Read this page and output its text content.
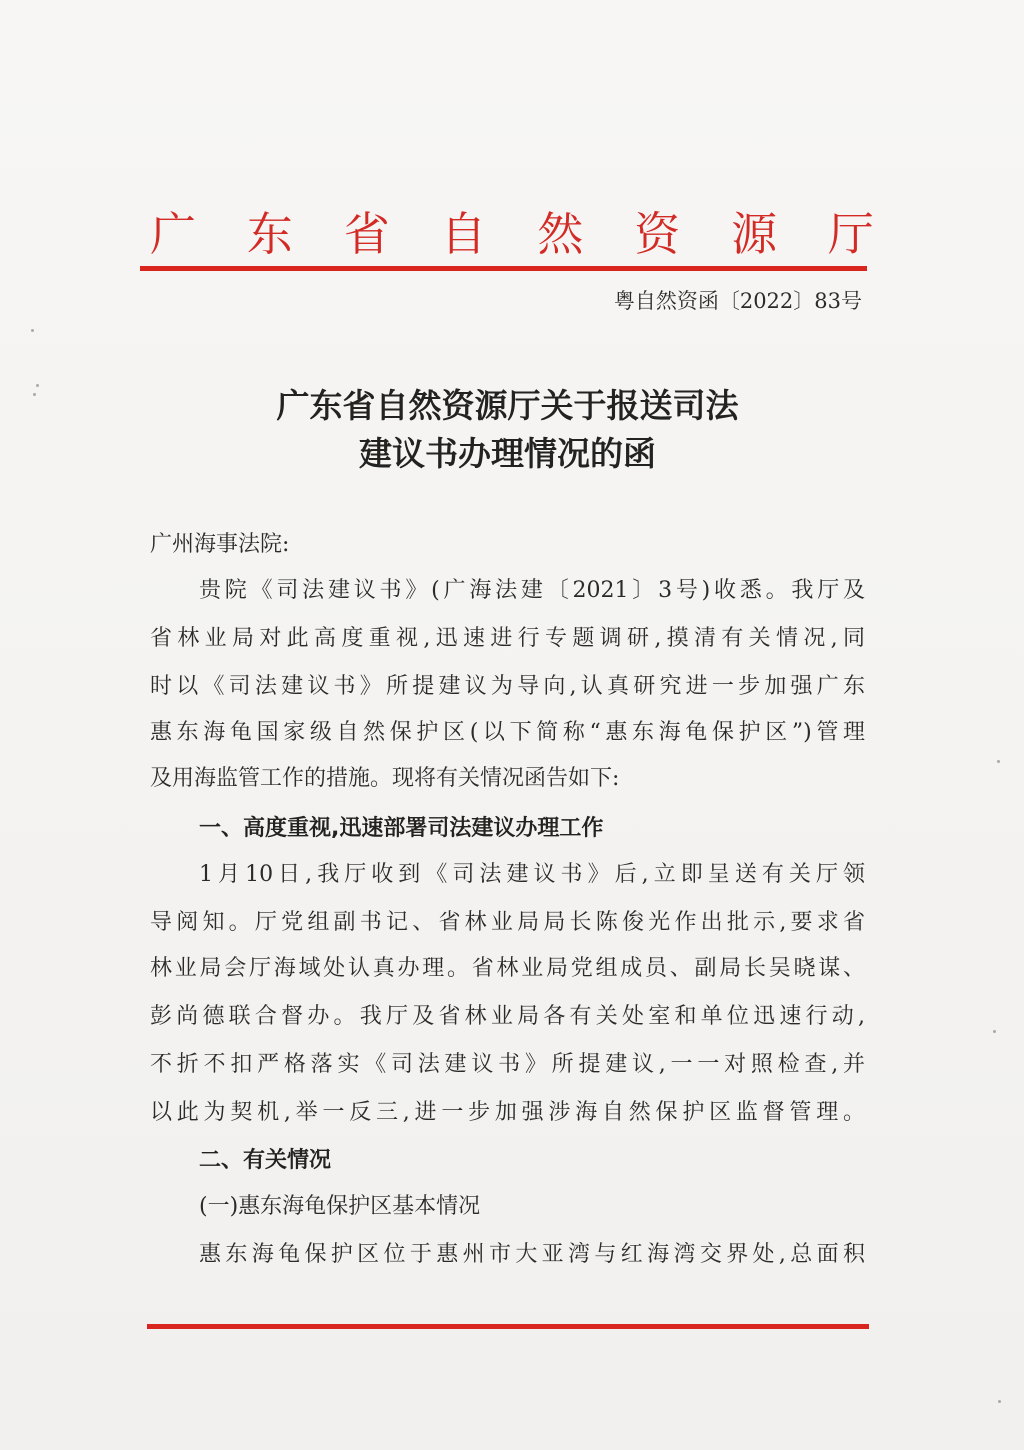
广 东 省 自 然 资 源 厅
粤自然资函〔2022〕83号
广东省自然资源厅关于报送司法
建议书办理情况的函
广州海事法院:
贵院《司法建议书》(广海法建〔2021〕3号)收悉。我厅及
省林业局对此高度重视,迅速进行专题调研,摸清有关情况,同
时以《司法建议书》所提建议为导向,认真研究进一步加强广东
惠东海龟国家级自然保护区(以下简称“惠东海龟保护区”)管理
及用海监管工作的措施。现将有关情况函告如下:
一、高度重视,迅速部署司法建议办理工作
1月10日,我厅收到《司法建议书》后,立即呈送有关厅领
导阅知。厅党组副书记、省林业局局长陈俊光作出批示,要求省
林业局会厅海域处认真办理。省林业局党组成员、副局长吴晓谋、
彭尚德联合督办。我厅及省林业局各有关处室和单位迅速行动,
不折不扣严格落实《司法建议书》所提建议,一一对照检查,并
以此为契机,举一反三,进一步加强涉海自然保护区监督管理。
二、有关情况
(一)惠东海龟保护区基本情况
惠东海龟保护区位于惠州市大亚湾与红海湾交界处,总面积
